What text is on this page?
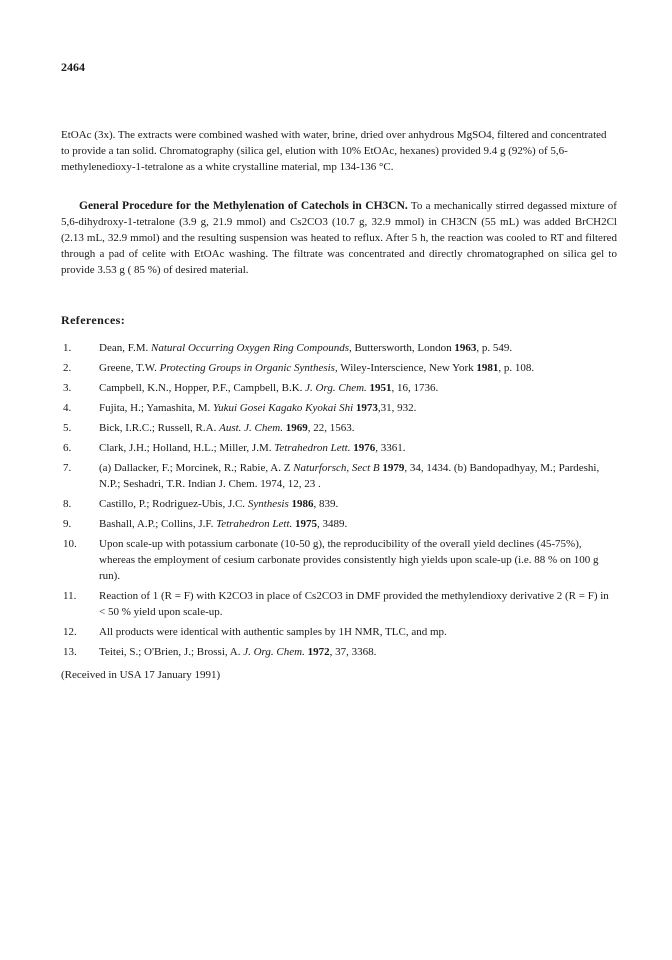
2464

EtOAc (3x). The extracts were combined washed with water, brine, dried over anhydrous MgSO4, filtered and concentrated to provide a tan solid. Chromatography (silica gel, elution with 10% EtOAc, hexanes) provided 9.4 g (92%) of 5,6-methylenedioxy-1-tetralone as a white crystalline material, mp 134-136 °C.

General Procedure for the Methylenation of Catechols in CH3CN. To a mechanically stirred degassed mixture of 5,6-dihydroxy-1-tetralone (3.9 g, 21.9 mmol) and Cs2CO3 (10.7 g, 32.9 mmol) in CH3CN (55 mL) was added BrCH2Cl (2.13 mL, 32.9 mmol) and the resulting suspension was heated to reflux. After 5 h, the reaction was cooled to RT and filtered through a pad of celite with EtOAc washing. The filtrate was concentrated and directly chromatographed on silica gel to provide 3.53 g ( 85 %) of desired material.

References:
1.	Dean, F.M. Natural Occurring Oxygen Ring Compounds, Buttersworth, London 1963, p. 549.
2.	Greene, T.W. Protecting Groups in Organic Synthesis, Wiley-Interscience, New York 1981, p. 108.
3.	Campbell, K.N., Hopper, P.F., Campbell, B.K. J. Org. Chem. 1951, 16, 1736.
4.	Fujita, H.; Yamashita, M. Yukui Gosei Kagako Kyokai Shi 1973,31, 932.
5.	Bick, I.R.C.; Russell, R.A. Aust. J. Chem. 1969, 22, 1563.
6.	Clark, J.H.; Holland, H.L.; Miller, J.M. Tetrahedron Lett. 1976, 3361.
7.	(a) Dallacker, F.; Morcinek, R.; Rabie, A. Z Naturforsch, Sect B 1979, 34, 1434. (b) Bandopadhyay, M.; Pardeshi, N.P.; Seshadri, T.R. Indian J. Chem. 1974, 12, 23 .
8.	Castillo, P.; Rodriguez-Ubis, J.C. Synthesis 1986, 839.
9.	Bashall, A.P.; Collins, J.F. Tetrahedron Lett. 1975, 3489.
10.	Upon scale-up with potassium carbonate (10-50 g), the reproducibility of the overall yield declines (45-75%), whereas the employment of cesium carbonate provides consistently high yields upon scale-up (i.e. 88 % on 100 g run).
11.	Reaction of 1 (R = F) with K2CO3 in place of Cs2CO3 in DMF provided the methylendioxy derivative 2 (R = F) in < 50 % yield upon scale-up.
12.	All products were identical with authentic samples by 1H NMR, TLC, and mp.
13.	Teitei, S.; O'Brien, J.; Brossi, A. J. Org. Chem. 1972, 37, 3368.
(Received in USA 17 January 1991)
